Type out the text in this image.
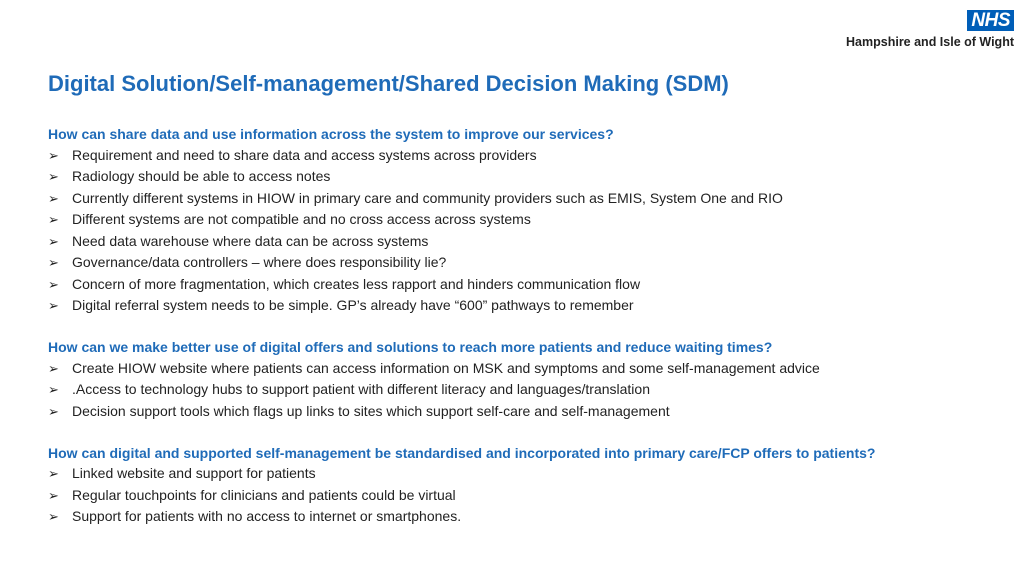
NHS
Hampshire and Isle of Wight
Digital Solution/Self-management/Shared Decision Making (SDM)
How can share data and use information across the system to improve our services?
➢ Requirement and need to share data and access systems across providers
➢ Radiology should be able to access notes
➢ Currently different systems in HIOW in primary care and community providers such as EMIS, System One and RIO
➢ Different systems are not compatible and no cross access across systems
➢ Need data warehouse where data can be across systems
➢ Governance/data controllers – where does responsibility lie?
➢ Concern of more fragmentation, which creates less rapport and hinders communication flow
➢ Digital referral system needs to be simple. GP’s already have “600” pathways to remember
How can we make better use of digital offers and solutions to reach more patients and reduce waiting times?
➢ Create HIOW website where patients can access information on MSK and symptoms and some self-management advice
➢ .Access to technology hubs to support patient with different literacy and languages/translation
➢ Decision support tools which flags up links to sites which support self-care and self-management
How can digital and supported self-management be standardised and incorporated into primary care/FCP offers to patients?
➢ Linked website and support for patients
➢ Regular touchpoints for clinicians and patients could be virtual
➢ Support for patients with no access to internet or smartphones.
